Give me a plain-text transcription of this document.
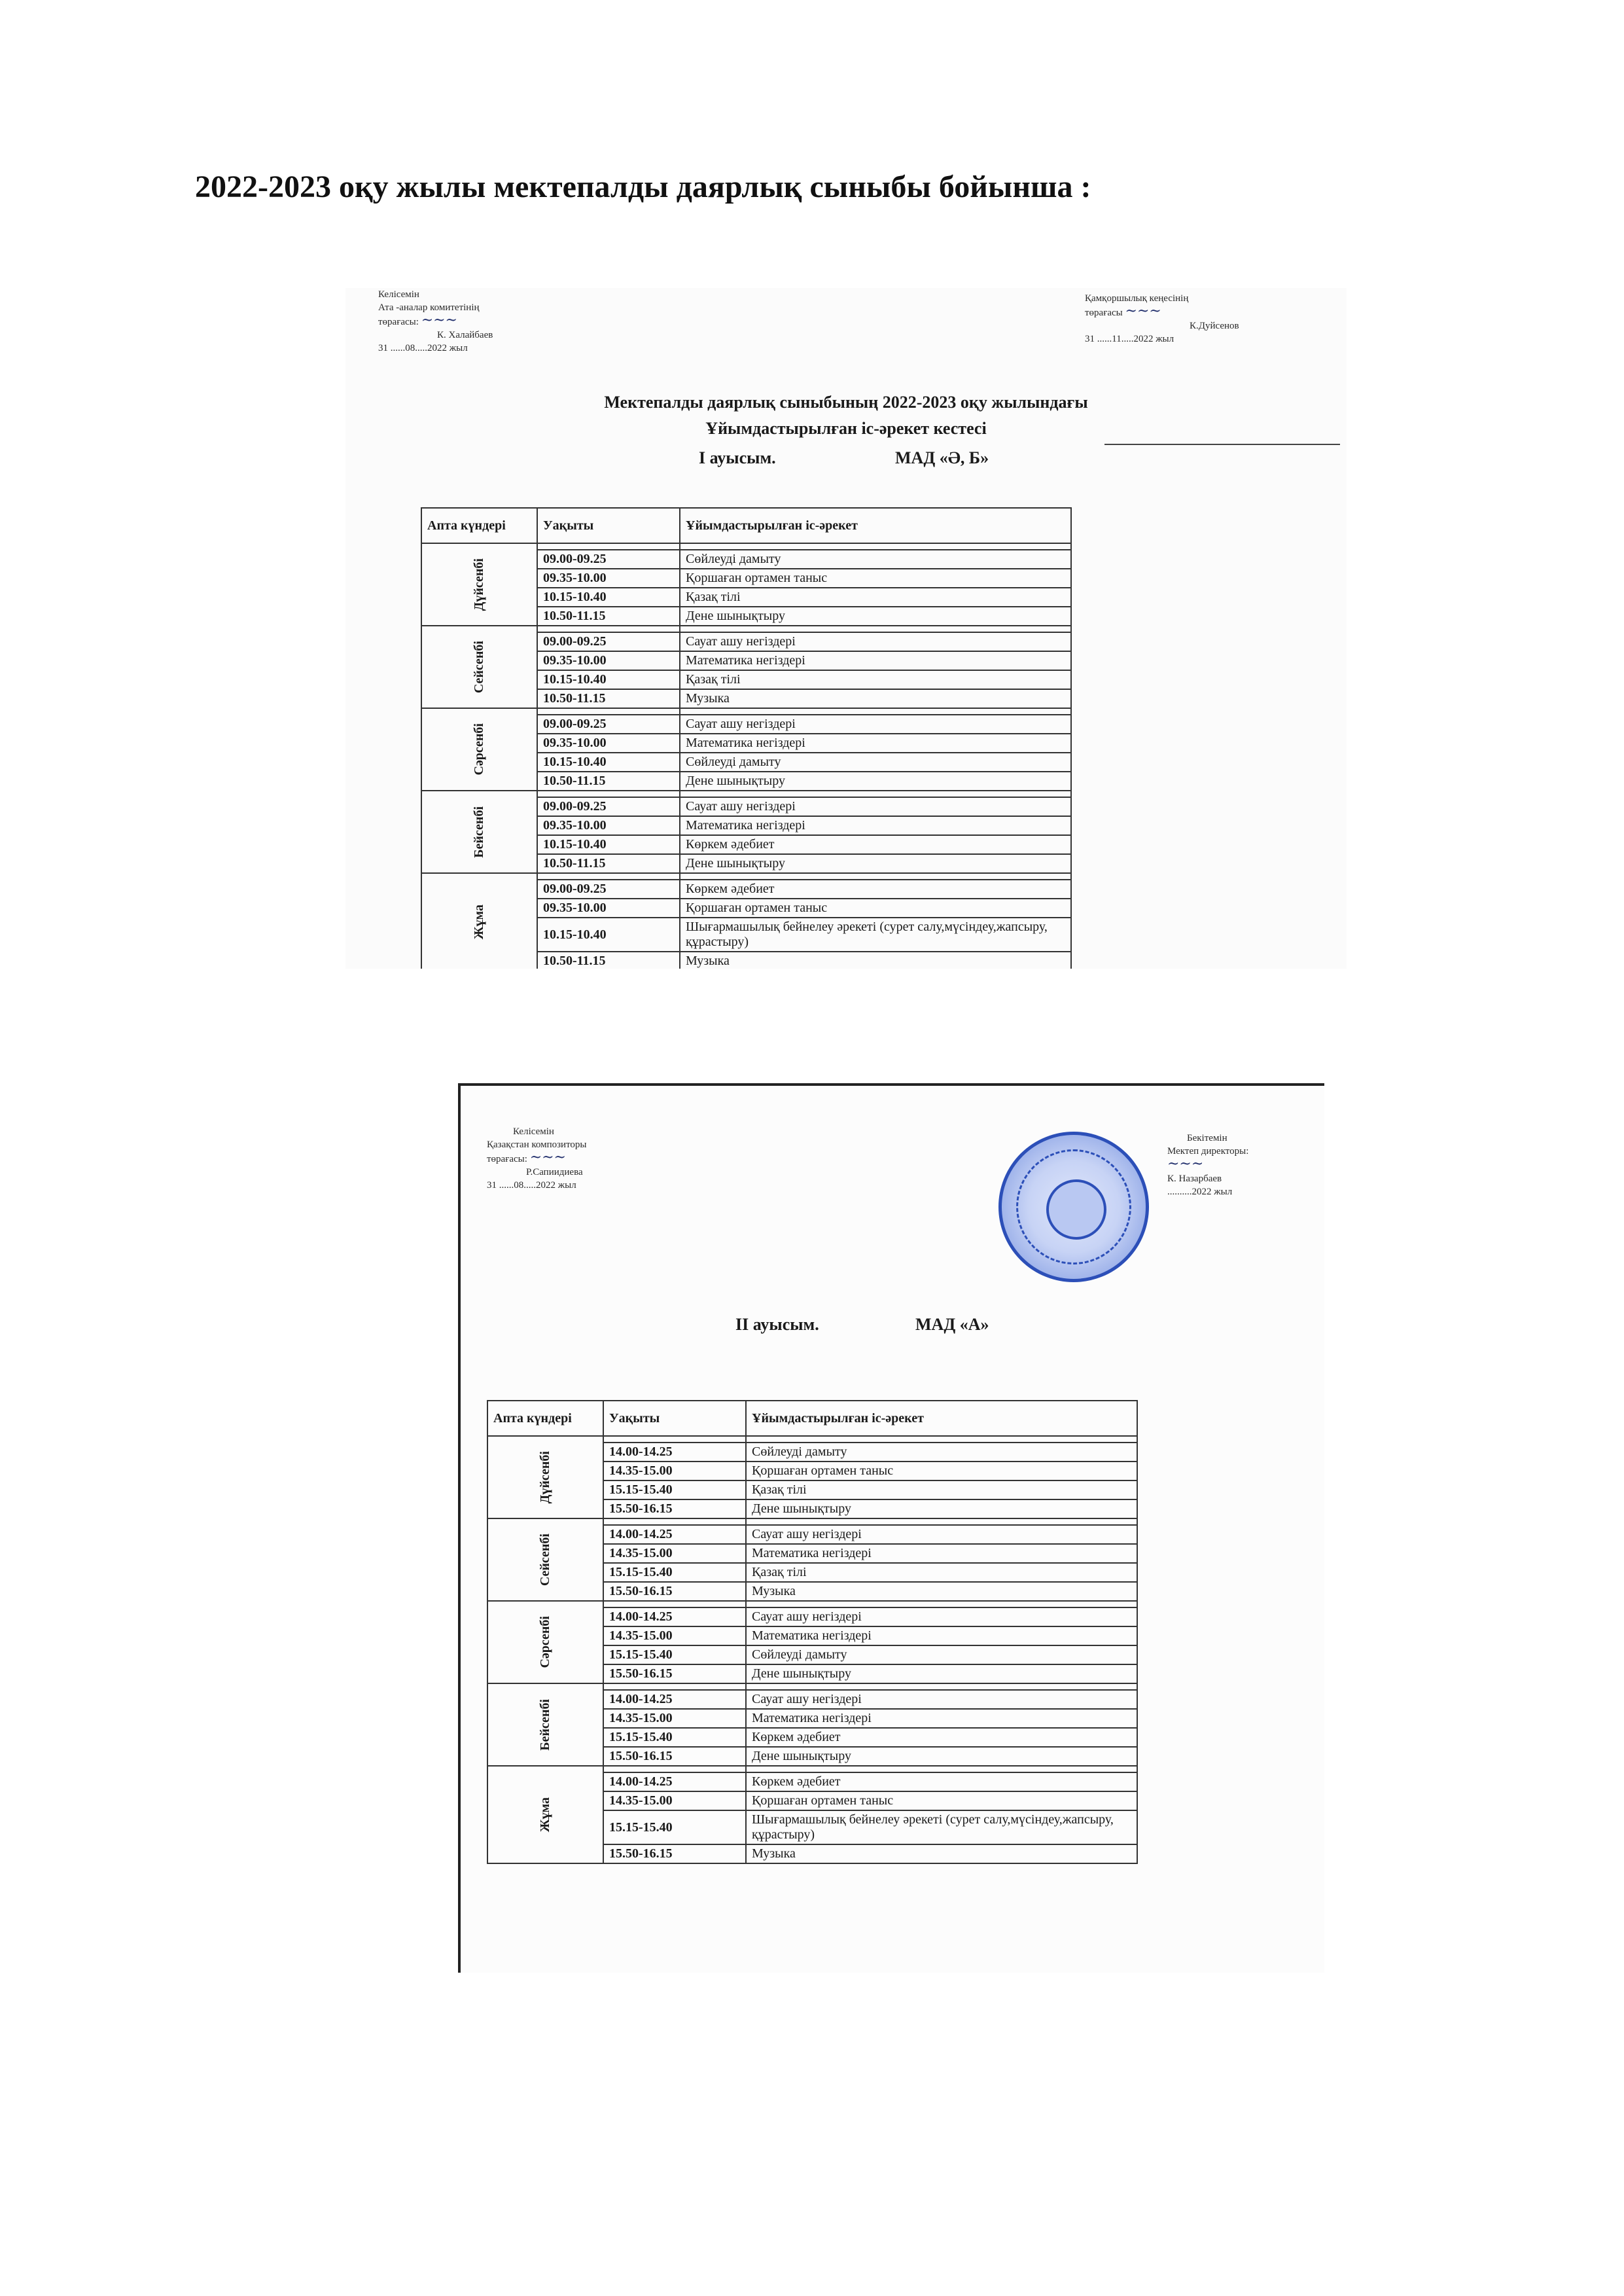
2022-2023 оқу жылы мектепалды даярлық сыныбы бойынша :
Келісемін
Ата -аналар комитетінің
төрағасы: ~~~
К. Халайбаев
31 ......08.....2022 жыл
Қамқоршылық кеңесінің
төрағасы ~~~
К.Дуйсенов
31 ......11.....2022 жыл
Мектепалды даярлық сыныбының 2022-2023 оқу жылындағы
Ұйымдастырылған іс-әрекет кестесі
І ауысым.	МАД «Ә, Б»
Апта күндері	Уақыты	Ұйымдастырылған іс-әрекет

Дүйсенбі		

	09.00-09.25	Сөйлеуді дамыту
	09.35-10.00	Қоршаған ортамен таныс
	10.15-10.40	Қазақ тілі
	10.50-11.15	Дене шынықтыру

Сейсенбі		

	09.00-09.25	Сауат ашу негіздері
	09.35-10.00	Математика негіздері
	10.15-10.40	Қазақ тілі
	10.50-11.15	Музыка

Сәрсенбі		

	09.00-09.25	Сауат ашу негіздері
	09.35-10.00	Математика негіздері
	10.15-10.40	Сөйлеуді дамыту
	10.50-11.15	Дене шынықтыру

Бейсенбі		

	09.00-09.25	Сауат ашу негіздері
	09.35-10.00	Математика негіздері
	10.15-10.40	Көркем әдебиет
	10.50-11.15	Дене шынықтыру

Жұма		

	09.00-09.25	Көркем әдебиет
	09.35-10.00	Қоршаған ортамен таныс
	10.15-10.40	Шығармашылық бейнелеу әрекеті (сурет салу,мүсіндеу,жапсыру, құрастыру)
	10.50-11.15	Музыка
Келісемін
Қазақстан композиторы
төрағасы: ~~~
Р.Сапиидиева
31 ......08.....2022 жыл
Бекітемін
Мектеп директоры:
~~~
К. Назарбаев
..........2022 жыл
ІІ ауысым.	МАД «А»
Апта күндері	Уақыты	Ұйымдастырылған іс-әрекет

Дүйсенбі		

	14.00-14.25	Сөйлеуді дамыту
	14.35-15.00	Қоршаған ортамен таныс
	15.15-15.40	Қазақ тілі
	15.50-16.15	Дене шынықтыру

Сейсенбі		

	14.00-14.25	Сауат ашу негіздері
	14.35-15.00	Математика негіздері
	15.15-15.40	Қазақ тілі
	15.50-16.15	Музыка

Сәрсенбі		

	14.00-14.25	Сауат ашу негіздері
	14.35-15.00	Математика негіздері
	15.15-15.40	Сөйлеуді дамыту
	15.50-16.15	Дене шынықтыру

Бейсенбі		

	14.00-14.25	Сауат ашу негіздері
	14.35-15.00	Математика негіздері
	15.15-15.40	Көркем әдебиет
	15.50-16.15	Дене шынықтыру

Жұма		

	14.00-14.25	Көркем әдебиет
	14.35-15.00	Қоршаған ортамен таныс
	15.15-15.40	Шығармашылық бейнелеу әрекеті (сурет салу,мүсіндеу,жапсыру, құрастыру)
	15.50-16.15	Музыка
